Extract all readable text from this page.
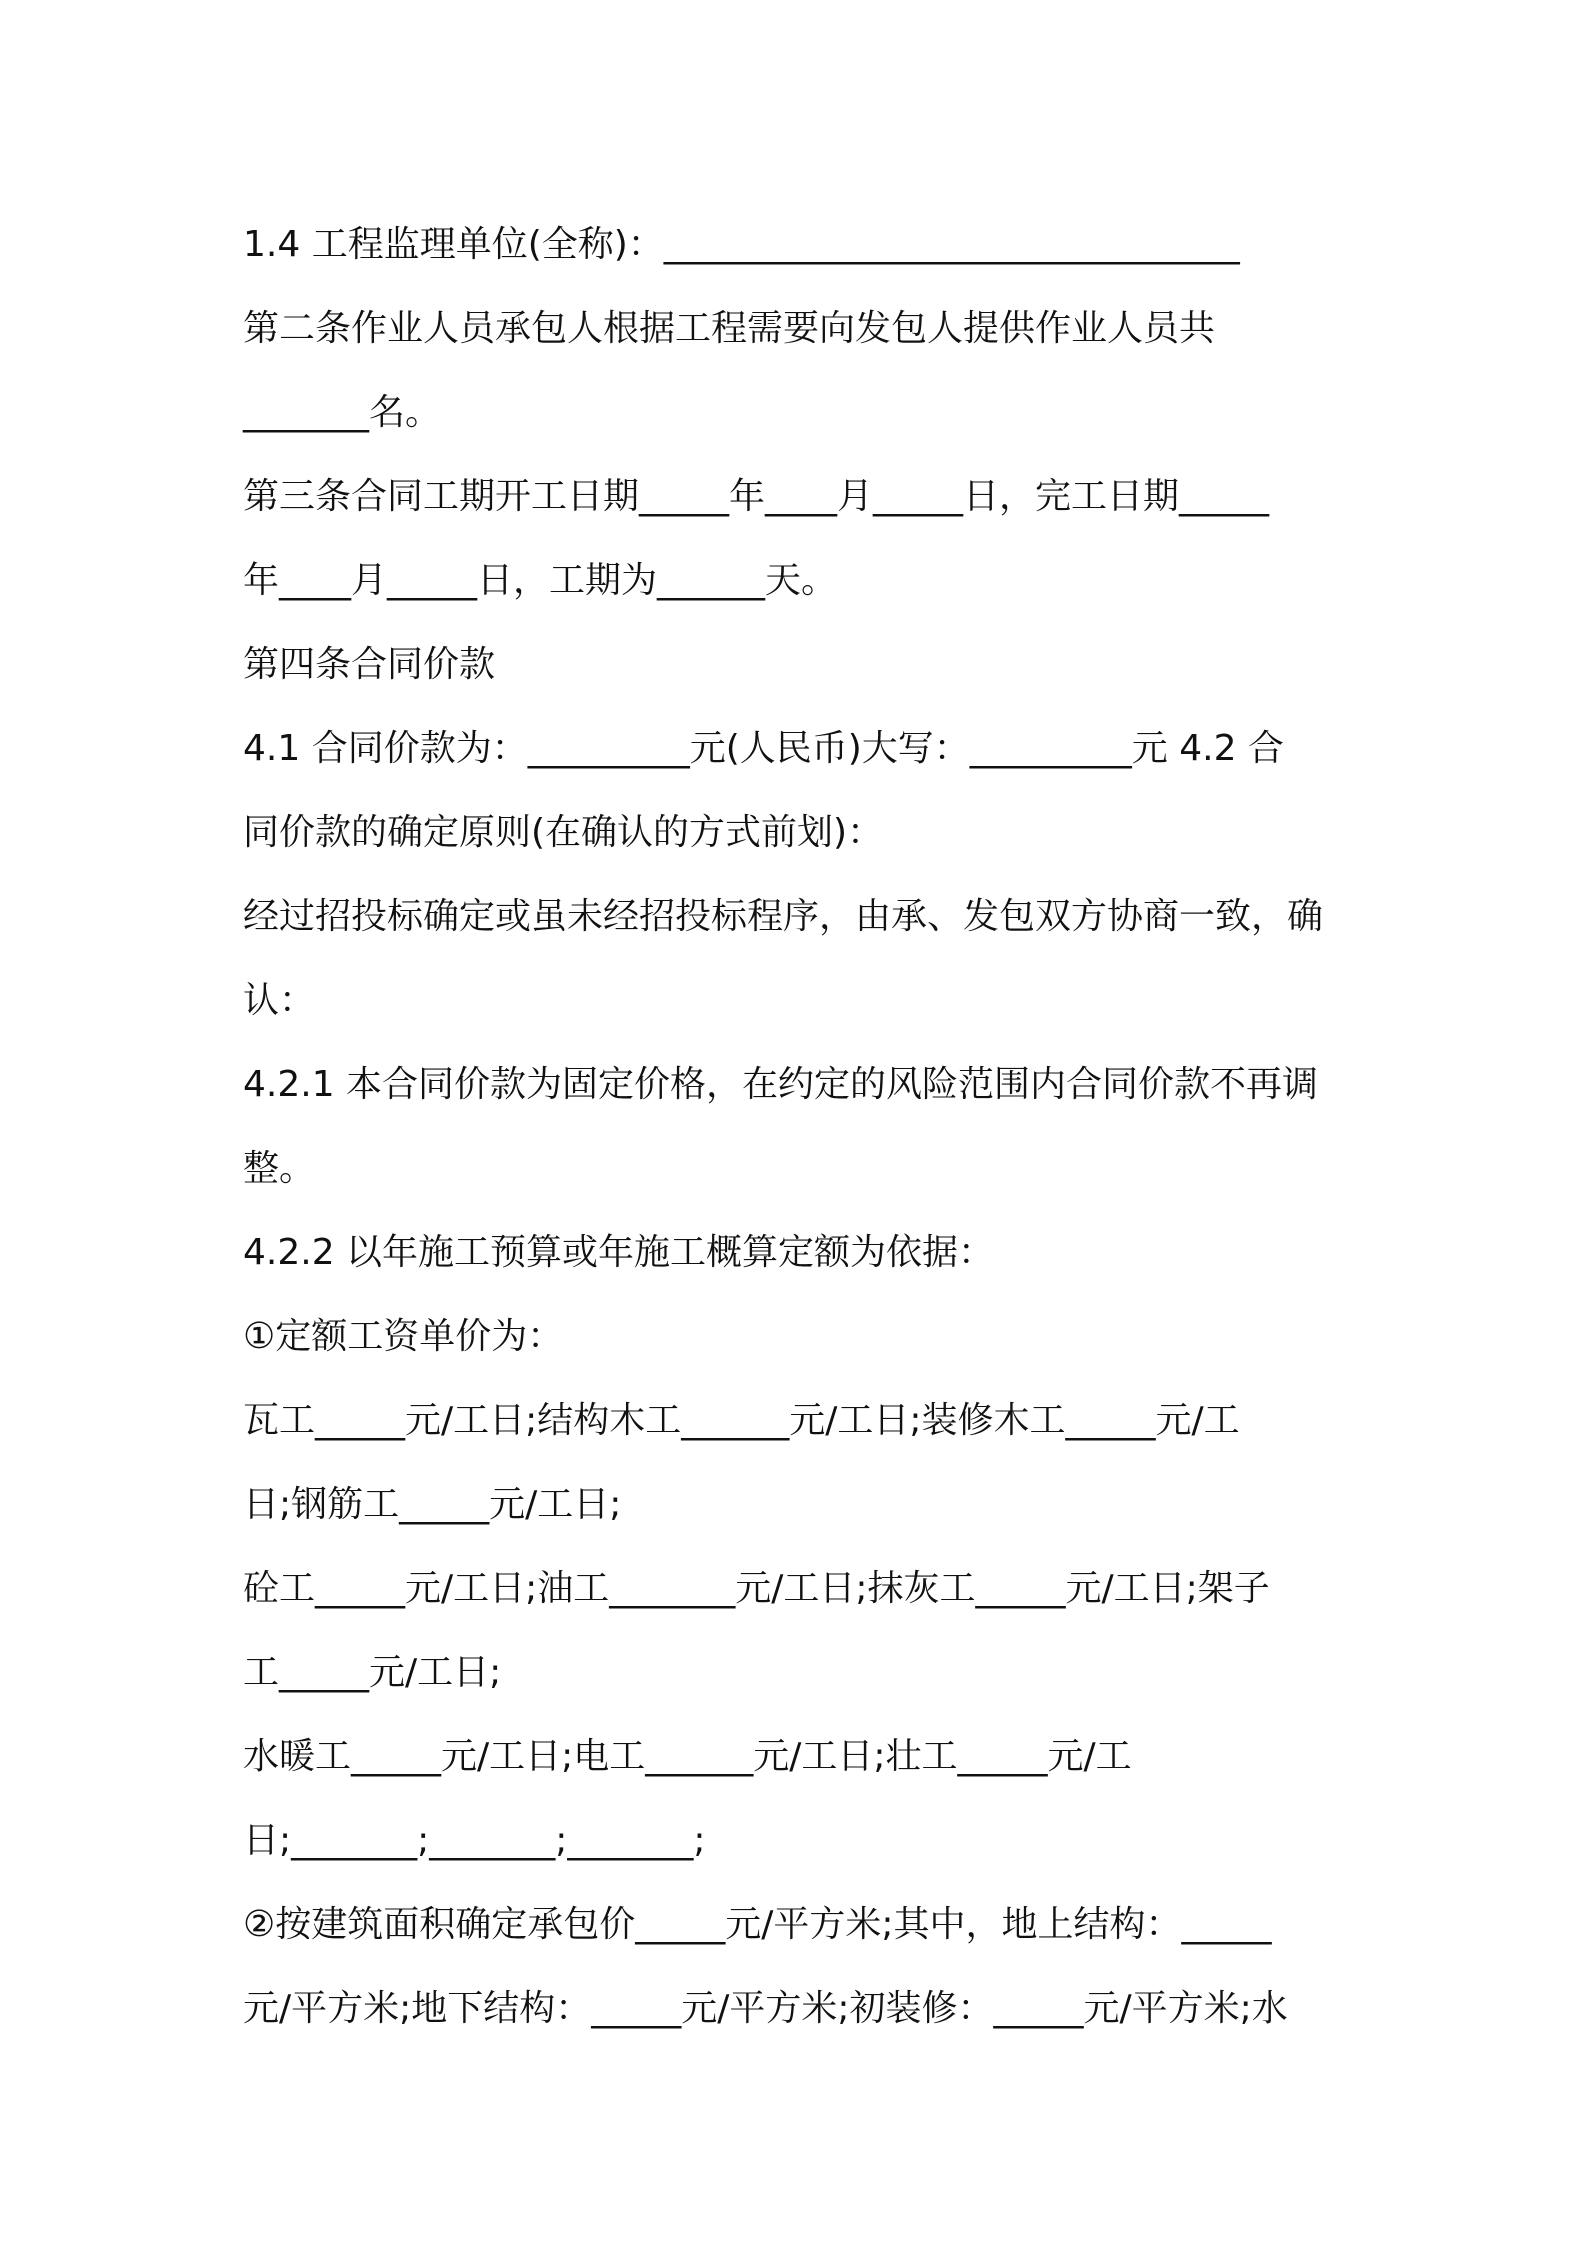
1.4 工程监理单位(全称)：________________________________
第二条作业人员承包人根据工程需要向发包人提供作业人员共
_______名。
第三条合同工期开工日期_____年____月_____日，完工日期_____
年____月_____日，工期为______天。
第四条合同价款
4.1 合同价款为：_________元(人民币)大写：_________元 4.2 合
同价款的确定原则(在确认的方式前划)：
经过招投标确定或虽未经招投标程序，由承、发包双方协商一致，确
认：
4.2.1 本合同价款为固定价格，在约定的风险范围内合同价款不再调
整。
4.2.2 以年施工预算或年施工概算定额为依据：
①定额工资单价为：
瓦工_____元/工日;结构木工______元/工日;装修木工_____元/工
日;钢筋工_____元/工日;
砼工_____元/工日;油工_______元/工日;抹灰工_____元/工日;架子
工_____元/工日;
水暖工_____元/工日;电工______元/工日;壮工_____元/工
日;_______;_______;_______;
②按建筑面积确定承包价_____元/平方米;其中，地上结构：_____
元/平方米;地下结构：_____元/平方米;初装修：_____元/平方米;水
